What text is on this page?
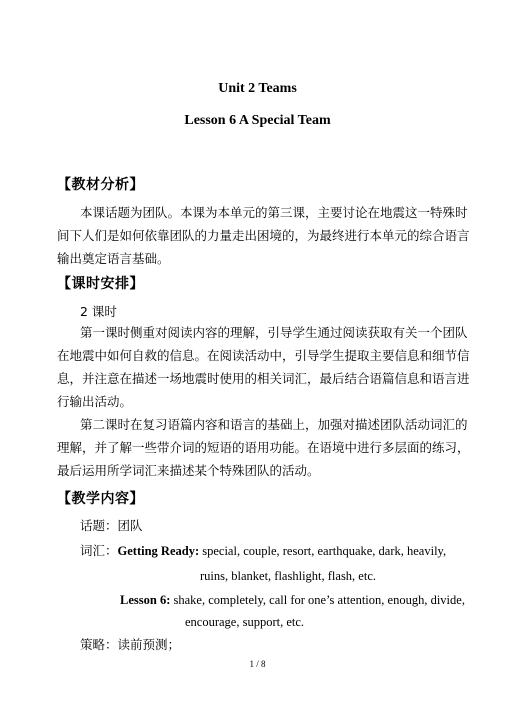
Unit 2 Teams
Lesson 6 A Special Team
【教材分析】
本课话题为团队。本课为本单元的第三课，主要讨论在地震这一特殊时
间下人们是如何依靠团队的力量走出困境的，为最终进行本单元的综合语言
输出奠定语言基础。
【课时安排】
2 课时
第一课时侧重对阅读内容的理解，引导学生通过阅读获取有关一个团队
在地震中如何自救的信息。在阅读活动中，引导学生提取主要信息和细节信
息，并注意在描述一场地震时使用的相关词汇，最后结合语篇信息和语言进
行输出活动。
第二课时在复习语篇内容和语言的基础上，加强对描述团队活动词汇的
理解，并了解一些带介词的短语的语用功能。在语境中进行多层面的练习，
最后运用所学词汇来描述某个特殊团队的活动。
【教学内容】
话题：团队
词汇：Getting Ready: special, couple, resort, earthquake, dark, heavily,
ruins, blanket, flashlight, flash, etc.
Lesson 6: shake, completely, call for one’s attention, enough, divide,
encourage, support, etc.
策略：读前预测；
1 / 8
